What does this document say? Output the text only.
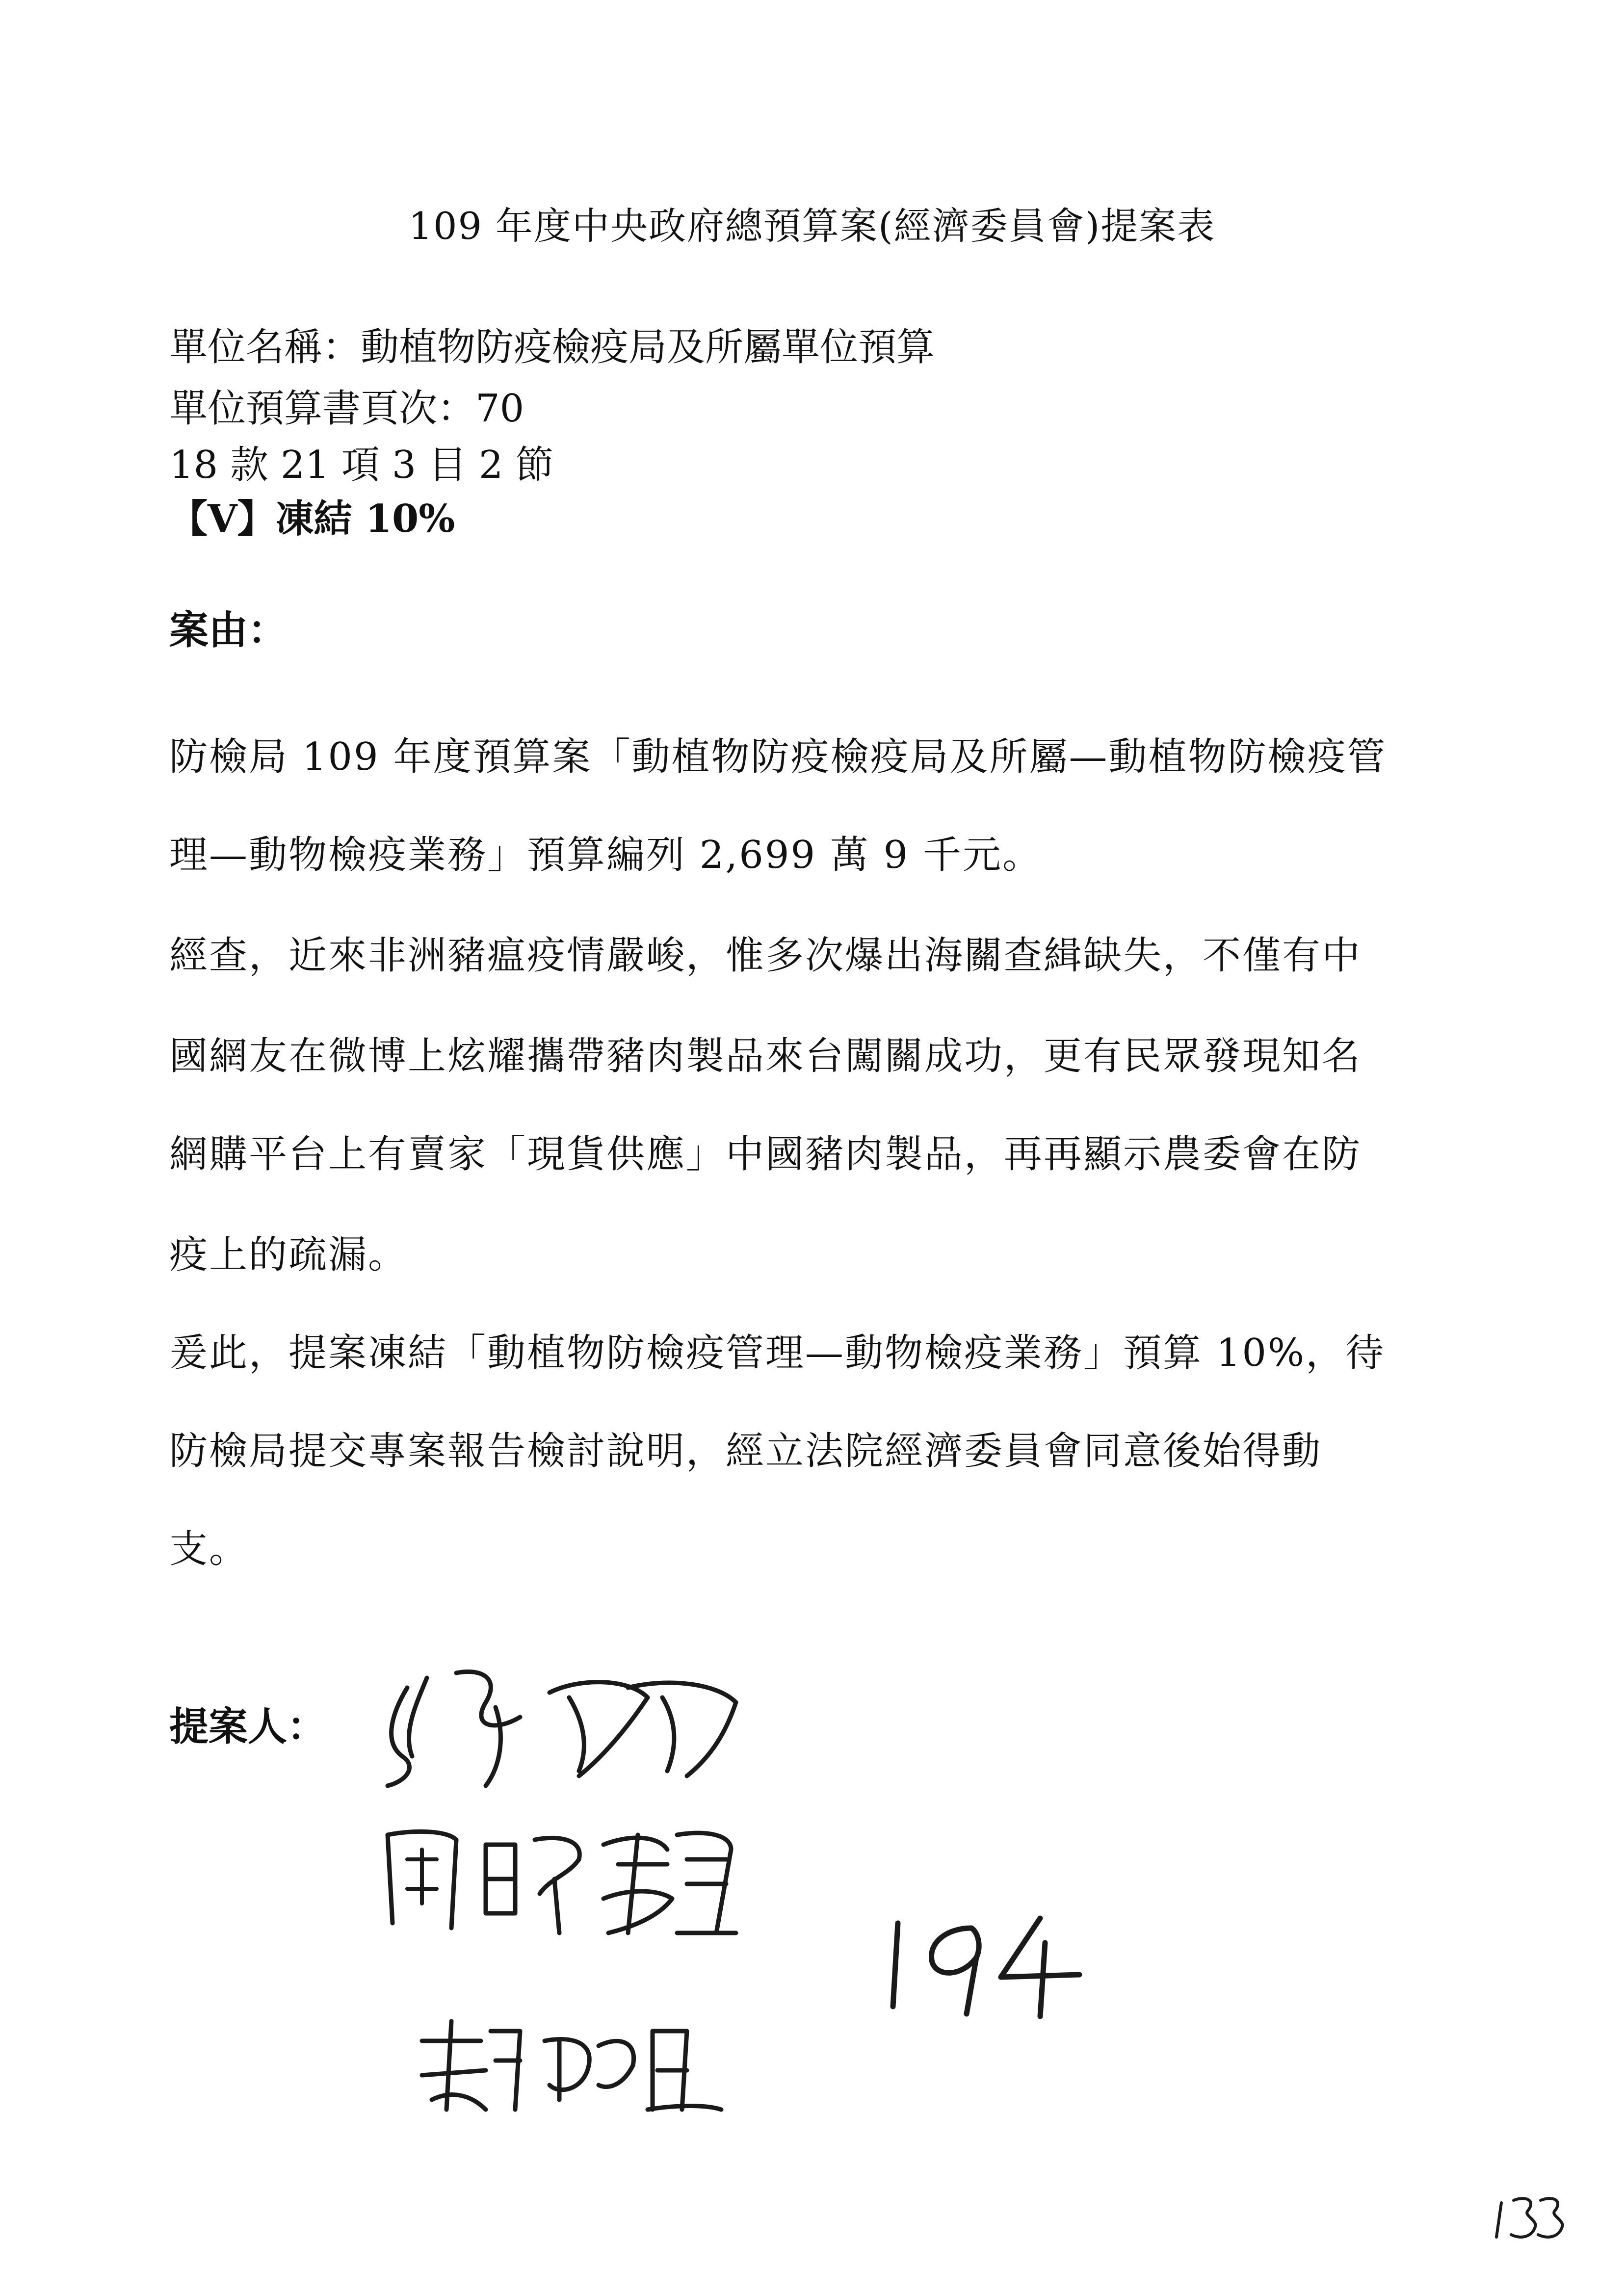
109 年度中央政府總預算案(經濟委員會)提案表
單位名稱：動植物防疫檢疫局及所屬單位預算
單位預算書頁次：70
18 款 21 項 3 目 2 節
【V】凍結 10%
案由：
防檢局 109 年度預算案「動植物防疫檢疫局及所屬—動植物防檢疫管
理—動物檢疫業務」預算編列 2,699 萬 9 千元。
經查，近來非洲豬瘟疫情嚴峻，惟多次爆出海關查緝缺失，不僅有中
國網友在微博上炫耀攜帶豬肉製品來台闖關成功，更有民眾發現知名
網購平台上有賣家「現貨供應」中國豬肉製品，再再顯示農委會在防
疫上的疏漏。
爰此，提案凍結「動植物防檢疫管理—動物檢疫業務」預算 10%，待
防檢局提交專案報告檢討說明，經立法院經濟委員會同意後始得動
支。
提案人：
194
133
